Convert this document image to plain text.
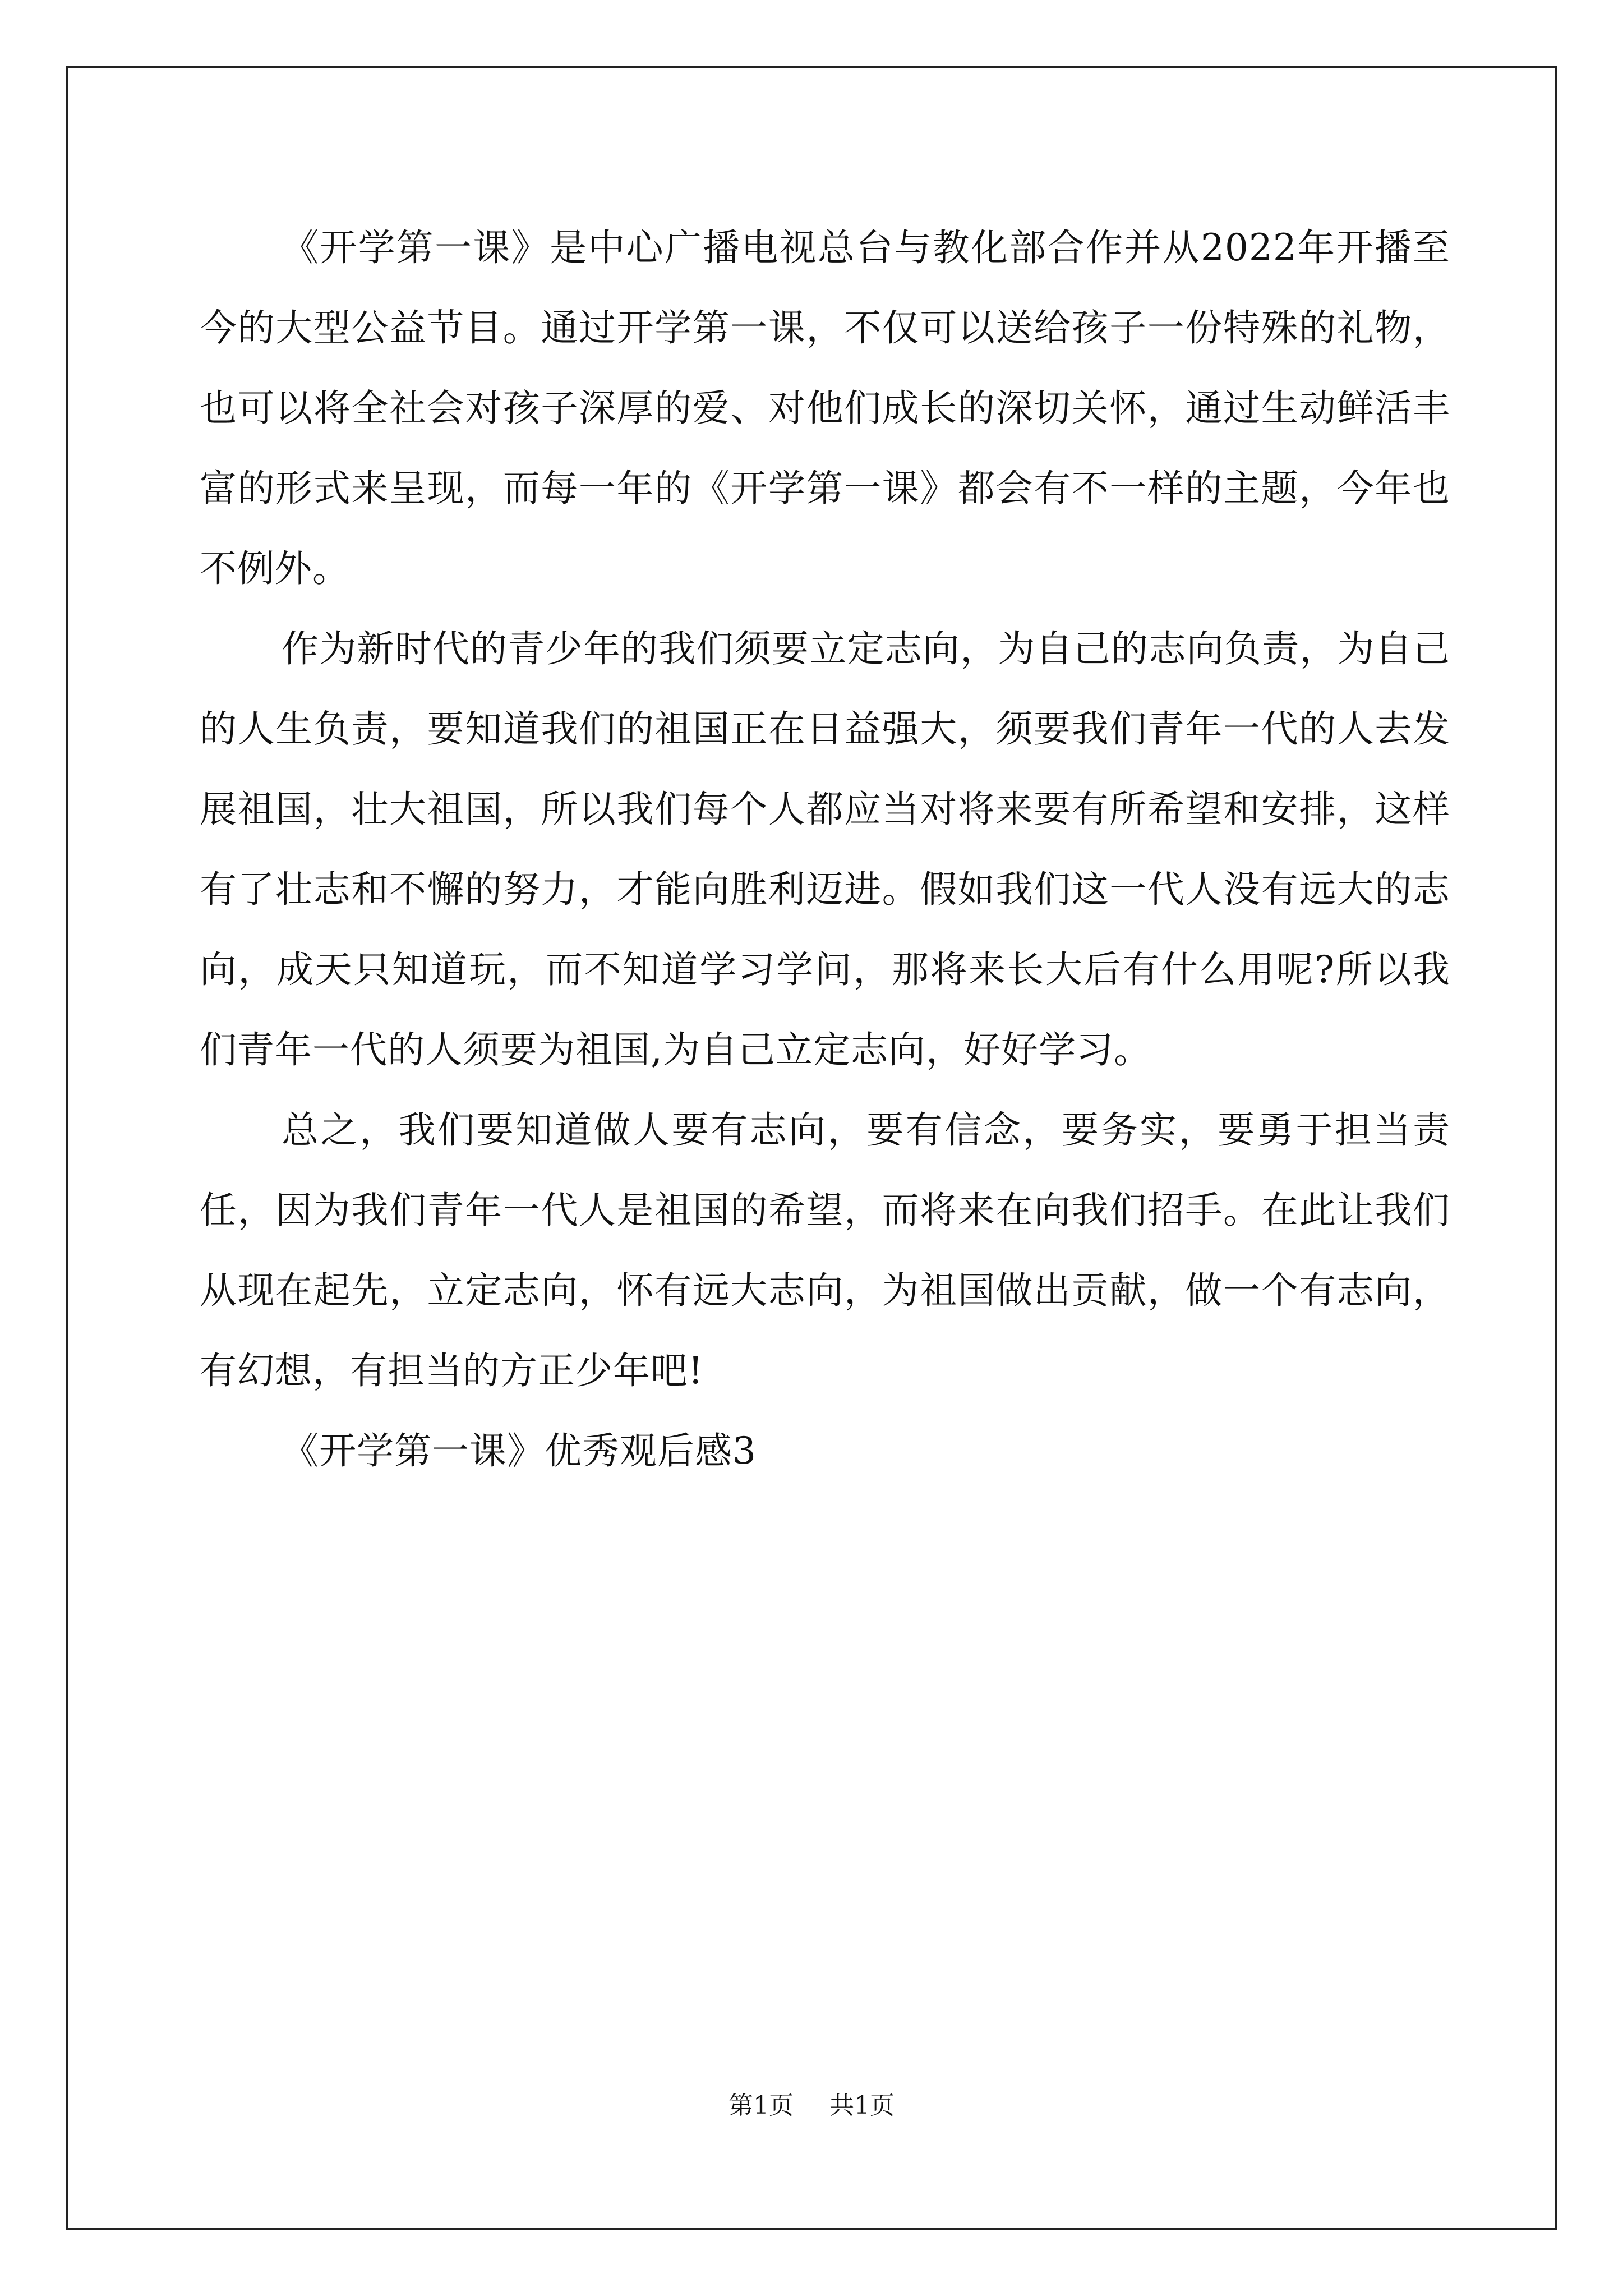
《开学第一课》是中心广播电视总台与教化部合作并从2022年开播至今的大型公益节目。通过开学第一课，不仅可以送给孩子一份特殊的礼物，也可以将全社会对孩子深厚的爱、对他们成长的深切关怀，通过生动鲜活丰富的形式来呈现，而每一年的《开学第一课》都会有不一样的主题，今年也不例外。

作为新时代的青少年的我们须要立定志向，为自己的志向负责，为自己的人生负责，要知道我们的祖国正在日益强大，须要我们青年一代的人去发展祖国，壮大祖国，所以我们每个人都应当对将来要有所希望和安排，这样有了壮志和不懈的努力，才能向胜利迈进。假如我们这一代人没有远大的志向，成天只知道玩，而不知道学习学问，那将来长大后有什么用呢?所以我们青年一代的人须要为祖国,为自己立定志向，好好学习。

总之，我们要知道做人要有志向，要有信念，要务实，要勇于担当责任，因为我们青年一代人是祖国的希望，而将来在向我们招手。在此让我们从现在起先，立定志向，怀有远大志向，为祖国做出贡献，做一个有志向，有幻想，有担当的方正少年吧!

《开学第一课》优秀观后感3

第1页 共1页
